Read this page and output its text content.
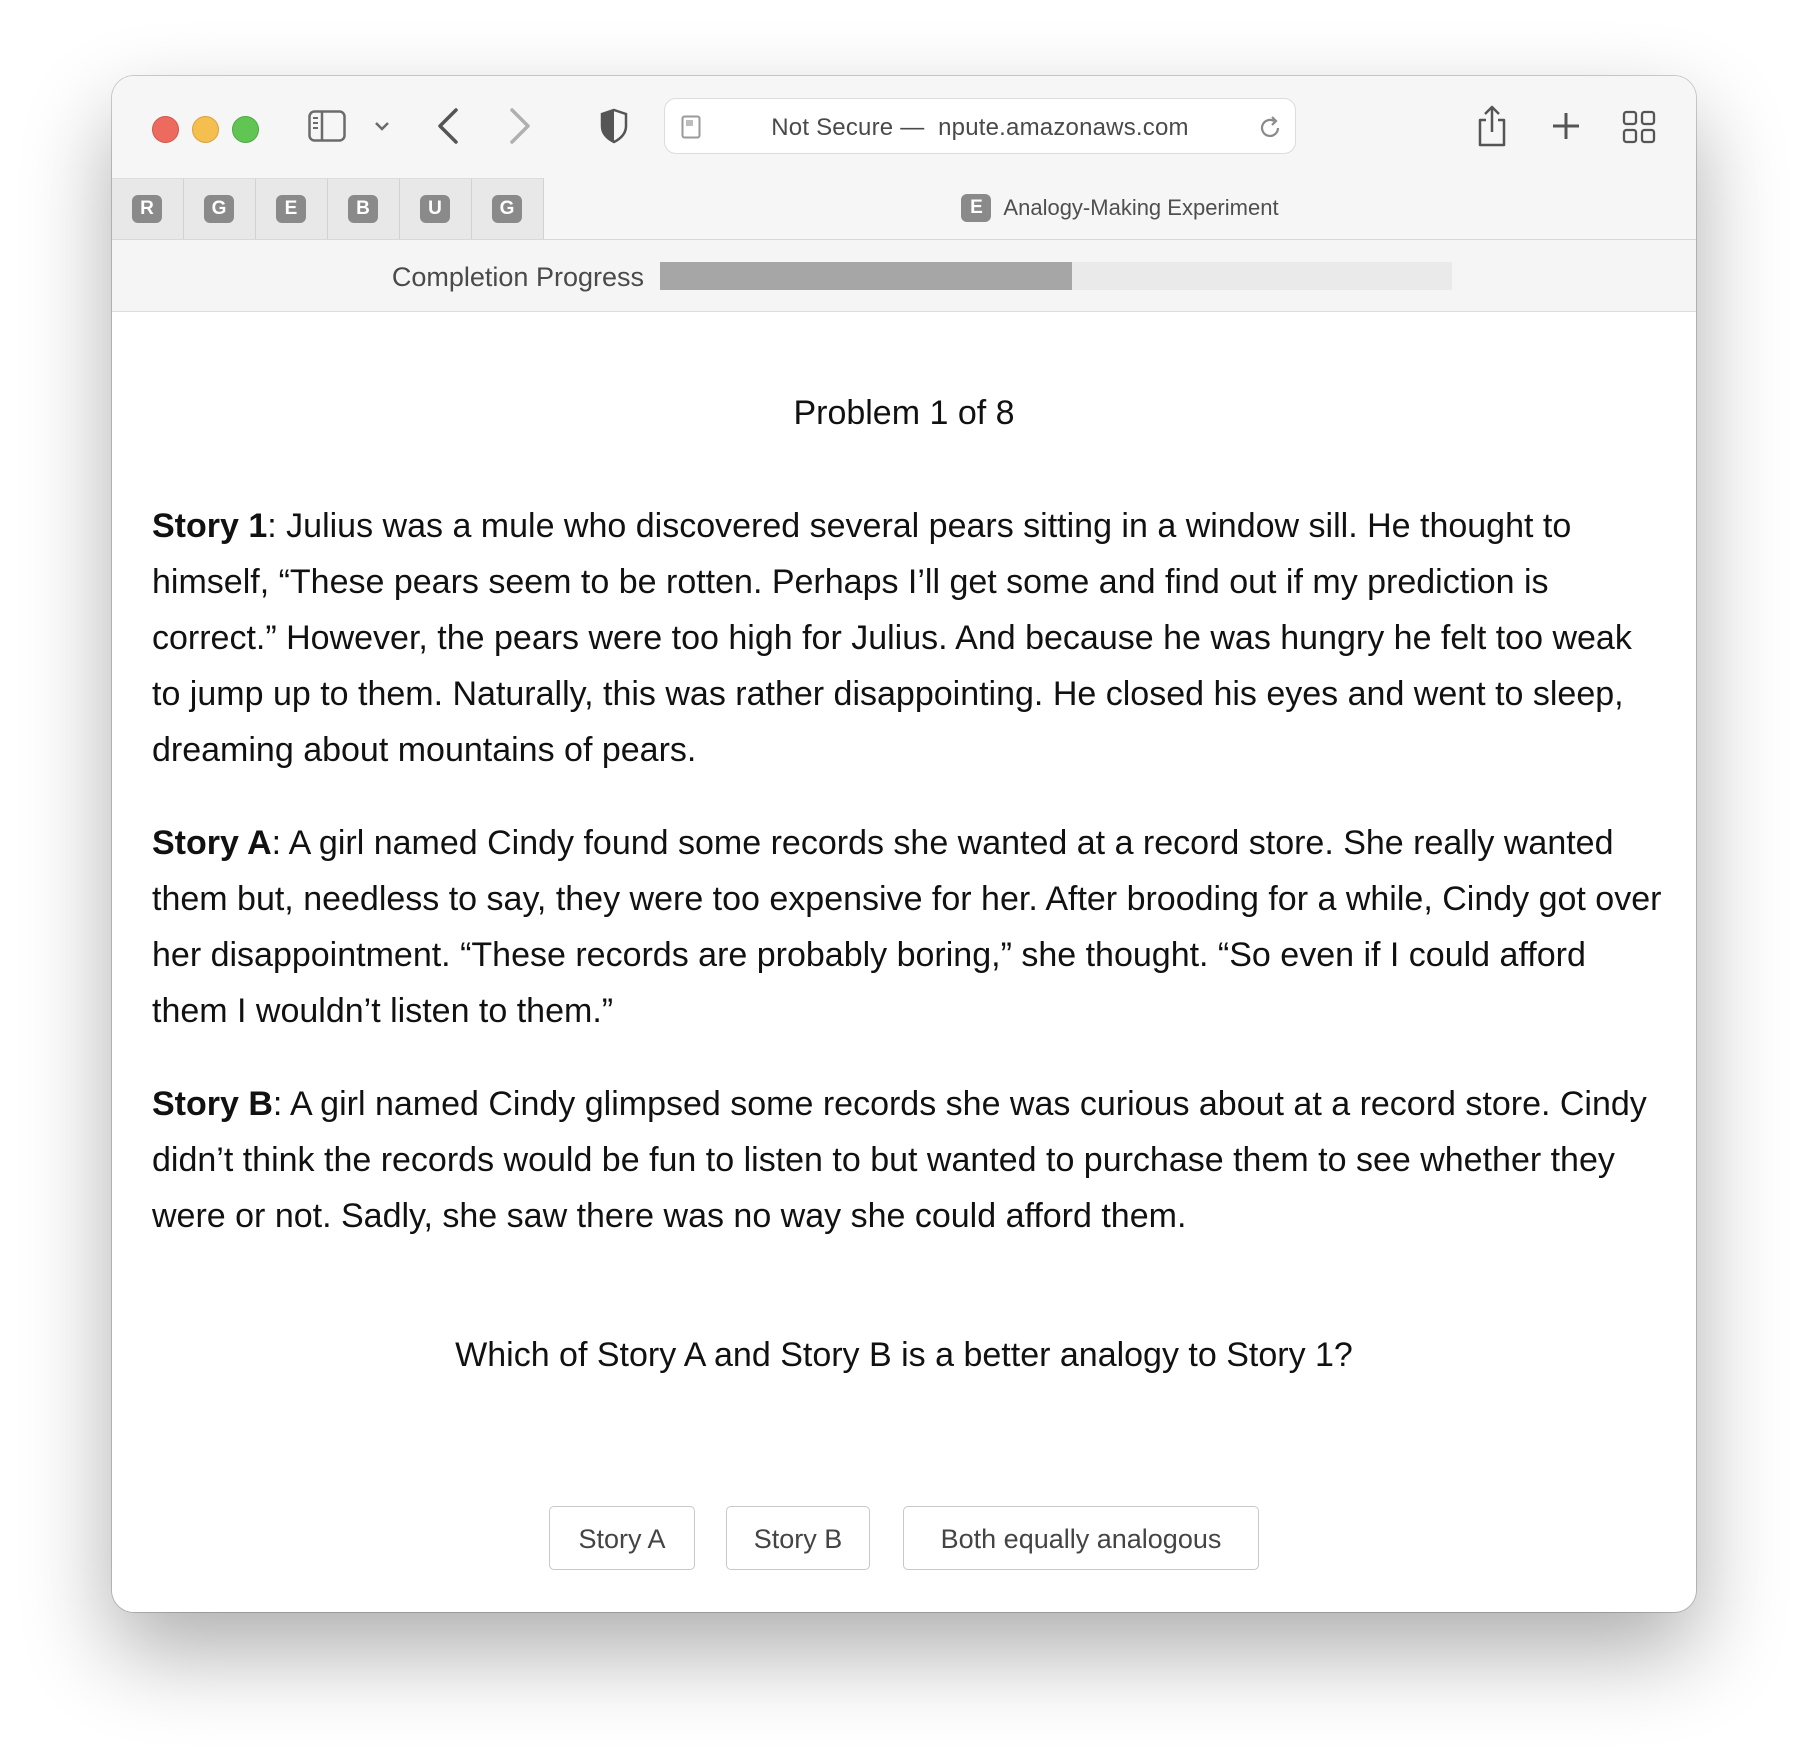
Not Secure —  npute.amazonaws.com
R	G	E	B	U	G	E Analogy-Making Experiment
Completion Progress
Problem 1 of 8

Story 1: Julius was a mule who discovered several pears sitting in a window sill. He thought to himself, “These pears seem to be rotten. Perhaps I’ll get some and find out if my prediction is correct.” However, the pears were too high for Julius. And because he was hungry he felt too weak to jump up to them. Naturally, this was rather disappointing. He closed his eyes and went to sleep, dreaming about mountains of pears.

Story A: A girl named Cindy found some records she wanted at a record store. She really wanted them but, needless to say, they were too expensive for her. After brooding for a while, Cindy got over her disappointment. “These records are probably boring,” she thought. “So even if I could afford them I wouldn’t listen to them.”

Story B: A girl named Cindy glimpsed some records she was curious about at a record store. Cindy didn’t think the records would be fun to listen to but wanted to purchase them to see whether they were or not. Sadly, she saw there was no way she could afford them.

Which of Story A and Story B is a better analogy to Story 1?
Story A	Story B	Both equally analogous
